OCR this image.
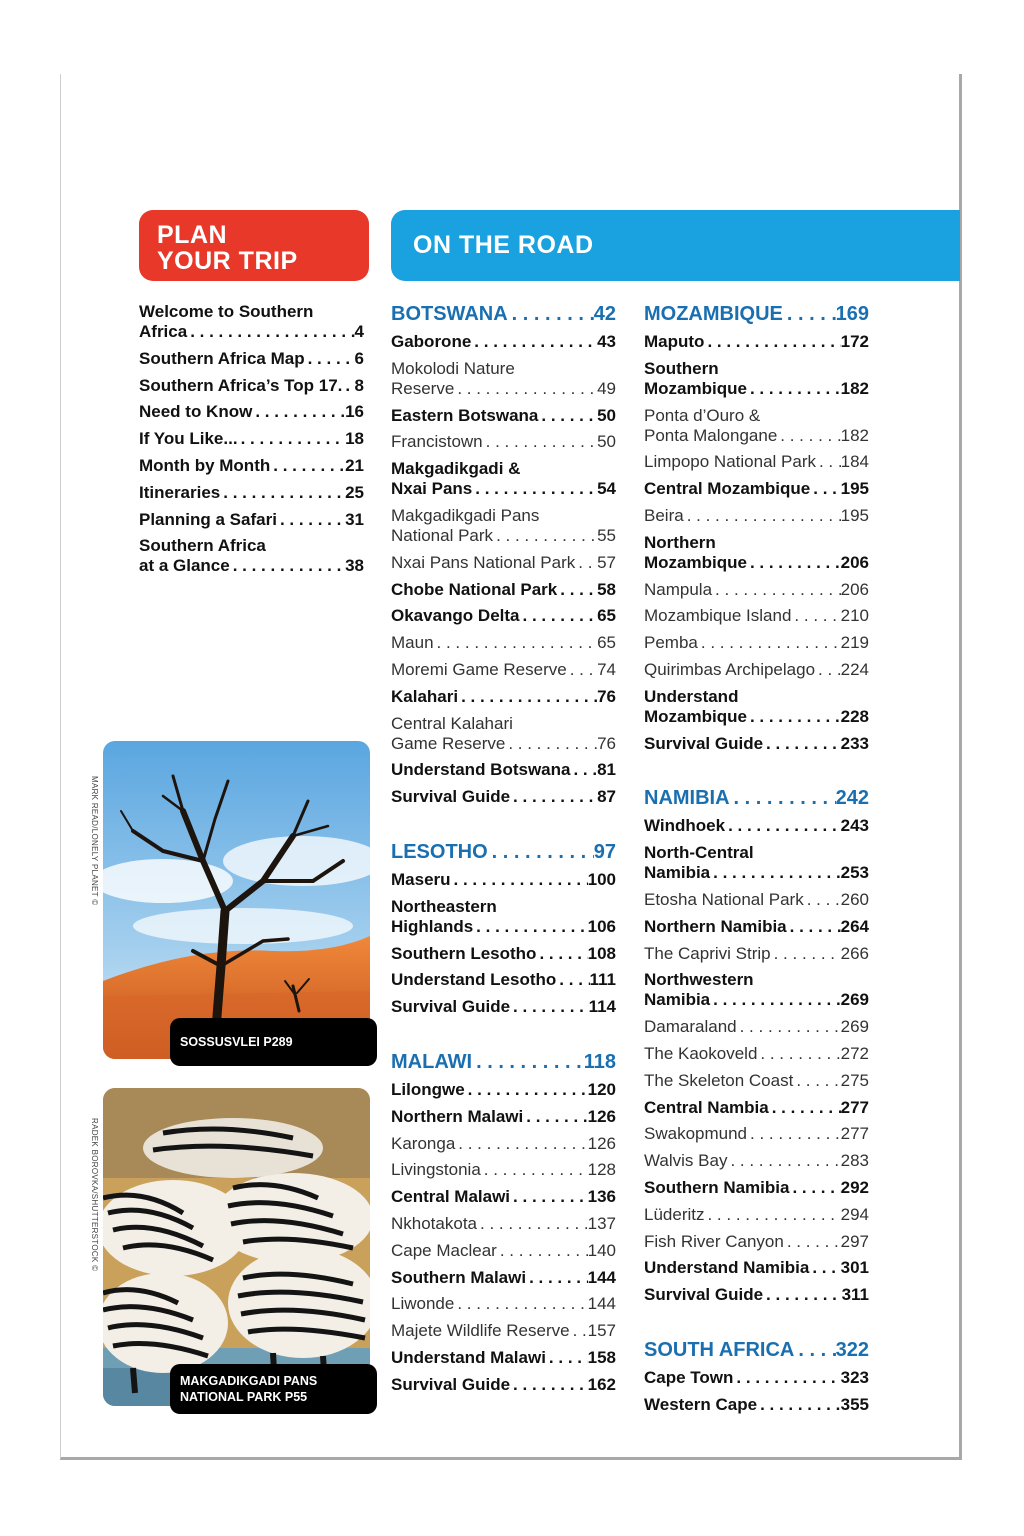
PLAN
YOUR TRIP
ON THE ROAD
Welcome to Southern
Africa . . .	4
Southern Africa Map . . .	6
Southern Africa’s Top 17. . . . 8
Need to Know . . .	16
If You Like... . . .	18
Month by Month . . .	21
Itineraries . . .	25
Planning a Safari . . .	31
Southern Africa
at a Glance . . .	38
BOTSWANA . . .	42
Gaborone . . .	43
Mokolodi Nature
Reserve . . .	49
Eastern Botswana . . .	50
Francistown . . .	50
Makgadikgadi &
Nxai Pans . . .	54
Makgadikgadi Pans
National Park . . .	55
Nxai Pans National Park . . . 57
Chobe National Park . . . 58
Okavango Delta . . .	65
Maun . . .	65
Moremi Game Reserve . . . 74
Kalahari . . .	76
Central Kalahari
Game Reserve . . .	76
Understand Botswana . . . 81
Survival Guide . . .	87
LESOTHO . . .	97
Maseru . . .	100
Northeastern
Highlands . . .	106
Southern Lesotho . . .	108
Understand Lesotho . . . 111
Survival Guide . . .	114
MALAWI . . .	118
Lilongwe . . .	120
Northern Malawi . . .	126
Karonga . . .	126
Livingstonia . . .	128
Central Malawi . . .	136
Nkhotakota . . .	137
Cape Maclear . . .	140
Southern Malawi . . .	144
Liwonde . . .	144
Majete Wildlife Reserve . . . 157
Understand Malawi . . . 158
Survival Guide . . .	162
MOZAMBIQUE . . .	169
Maputo . . .	172
Southern
Mozambique . . .	182
Ponta d’Ouro &
Ponta Malongane . . .	182
Limpopo National Park . . . 184
Central Mozambique . . . 195
Beira . . .	195
Northern
Mozambique . . .	206
Nampula . . .	206
Mozambique Island . . .	210
Pemba . . .	219
Quirimbas Archipelago . . . 224
Understand
Mozambique . . .	228
Survival Guide . . .	233
NAMIBIA . . .	242
Windhoek . . .	243
North-Central
Namibia . . .	253
Etosha National Park . . . 260
Northern Namibia . . .	264
The Caprivi Strip . . .	266
Northwestern
Namibia . . .	269
Damaraland . . .	269
The Kaokoveld . . .	272
The Skeleton Coast . . .	275
Central Nambia . . .	277
Swakopmund . . .	277
Walvis Bay . . .	283
Southern Namibia . . .	292
Lüderitz . . .	294
Fish River Canyon . . .	297
Understand Namibia . . . 301
Survival Guide . . .	311
SOUTH AFRICA . . . 322
Cape Town . . .	323
Western Cape . . .	355
SOSSUSVLEI P289
MARK READ/LONELY PLANET ©
MAKGADIKGADI PANS
NATIONAL PARK P55
RADEK BOROVKA/SHUTTERSTOCK ©
